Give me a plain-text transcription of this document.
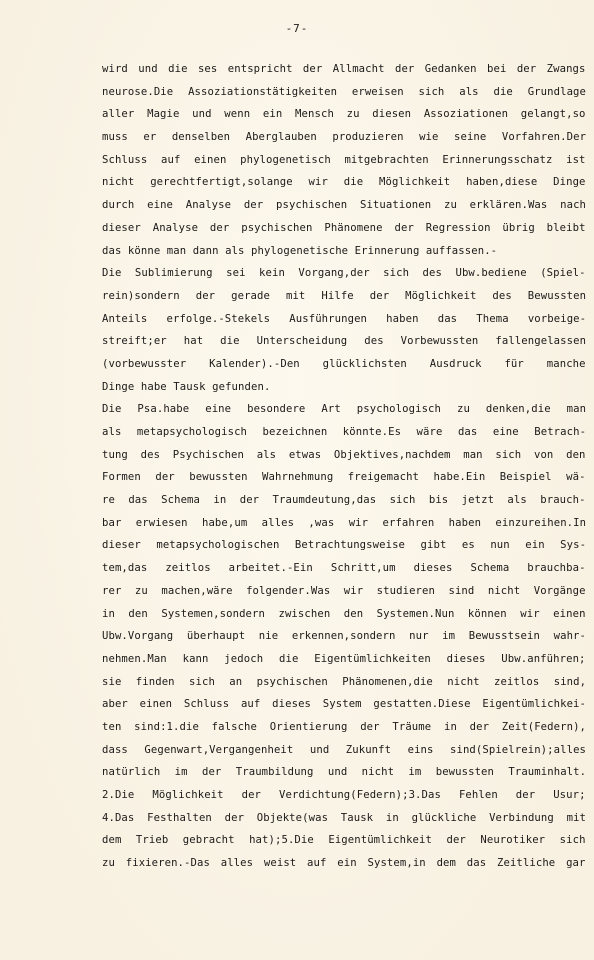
-7-
wird und die ses entspricht der Allmacht der Gedanken bei der Zwangs
neurose.Die Assoziationstätigkeiten erweisen sich als die Grundlage
aller Magie und wenn ein Mensch zu diesen Assoziationen gelangt,so
muss er denselben Aberglauben produzieren wie seine Vorfahren.Der
Schluss auf einen phylogenetisch mitgebrachten Erinnerungsschatz ist
nicht gerechtfertigt,solange wir die Möglichkeit haben,diese Dinge
durch eine Analyse der psychischen Situationen zu erklären.Was nach
dieser Analyse der psychischen Phänomene der Regression übrig bleibt
das könne man dann als phylogenetische Erinnerung auffassen.-
Die Sublimierung sei kein Vorgang,der sich des Ubw.bediene (Spiel-
rein)sondern der gerade mit Hilfe der Möglichkeit des Bewussten
Anteils erfolge.-Stekels Ausführungen haben das Thema vorbeige-
streift;er hat die Unterscheidung des Vorbewussten fallengelassen
(vorbewusster Kalender).-Den glücklichsten Ausdruck für manche
Dinge habe Tausk gefunden.
Die Psa.habe eine besondere Art psychologisch zu denken,die man
als metapsychologisch bezeichnen könnte.Es wäre das eine Betrach-
tung des Psychischen als etwas Objektives,nachdem man sich von den
Formen der bewussten Wahrnehmung freigemacht habe.Ein Beispiel wä-
re das Schema in der Traumdeutung,das sich bis jetzt als brauch-
bar erwiesen habe,um alles ,was wir erfahren haben einzureihen.In
dieser metapsychologischen Betrachtungsweise gibt es nun ein Sys-
tem,das zeitlos arbeitet.-Ein Schritt,um dieses Schema brauchba-
rer zu machen,wäre folgender.Was wir studieren sind nicht Vorgänge
in den Systemen,sondern zwischen den Systemen.Nun können wir einen
Ubw.Vorgang überhaupt nie erkennen,sondern nur im Bewusstsein wahr-
nehmen.Man kann jedoch die Eigentümlichkeiten dieses Ubw.anführen;
sie finden sich an psychischen Phänomenen,die nicht zeitlos sind,
aber einen Schluss auf dieses System gestatten.Diese Eigentümlichkei-
ten sind:1.die falsche Orientierung der Träume in der Zeit(Federn),
dass Gegenwart,Vergangenheit und Zukunft eins sind(Spielrein);alles
natürlich im der Traumbildung und nicht im bewussten Trauminhalt.
2.Die Möglichkeit der Verdichtung(Federn);3.Das Fehlen der Usur;
4.Das Festhalten der Objekte(was Tausk in glückliche Verbindung mit
dem Trieb gebracht hat);5.Die Eigentümlichkeit der Neurotiker sich
zu fixieren.-Das alles weist auf ein System,in dem das Zeitliche gar
